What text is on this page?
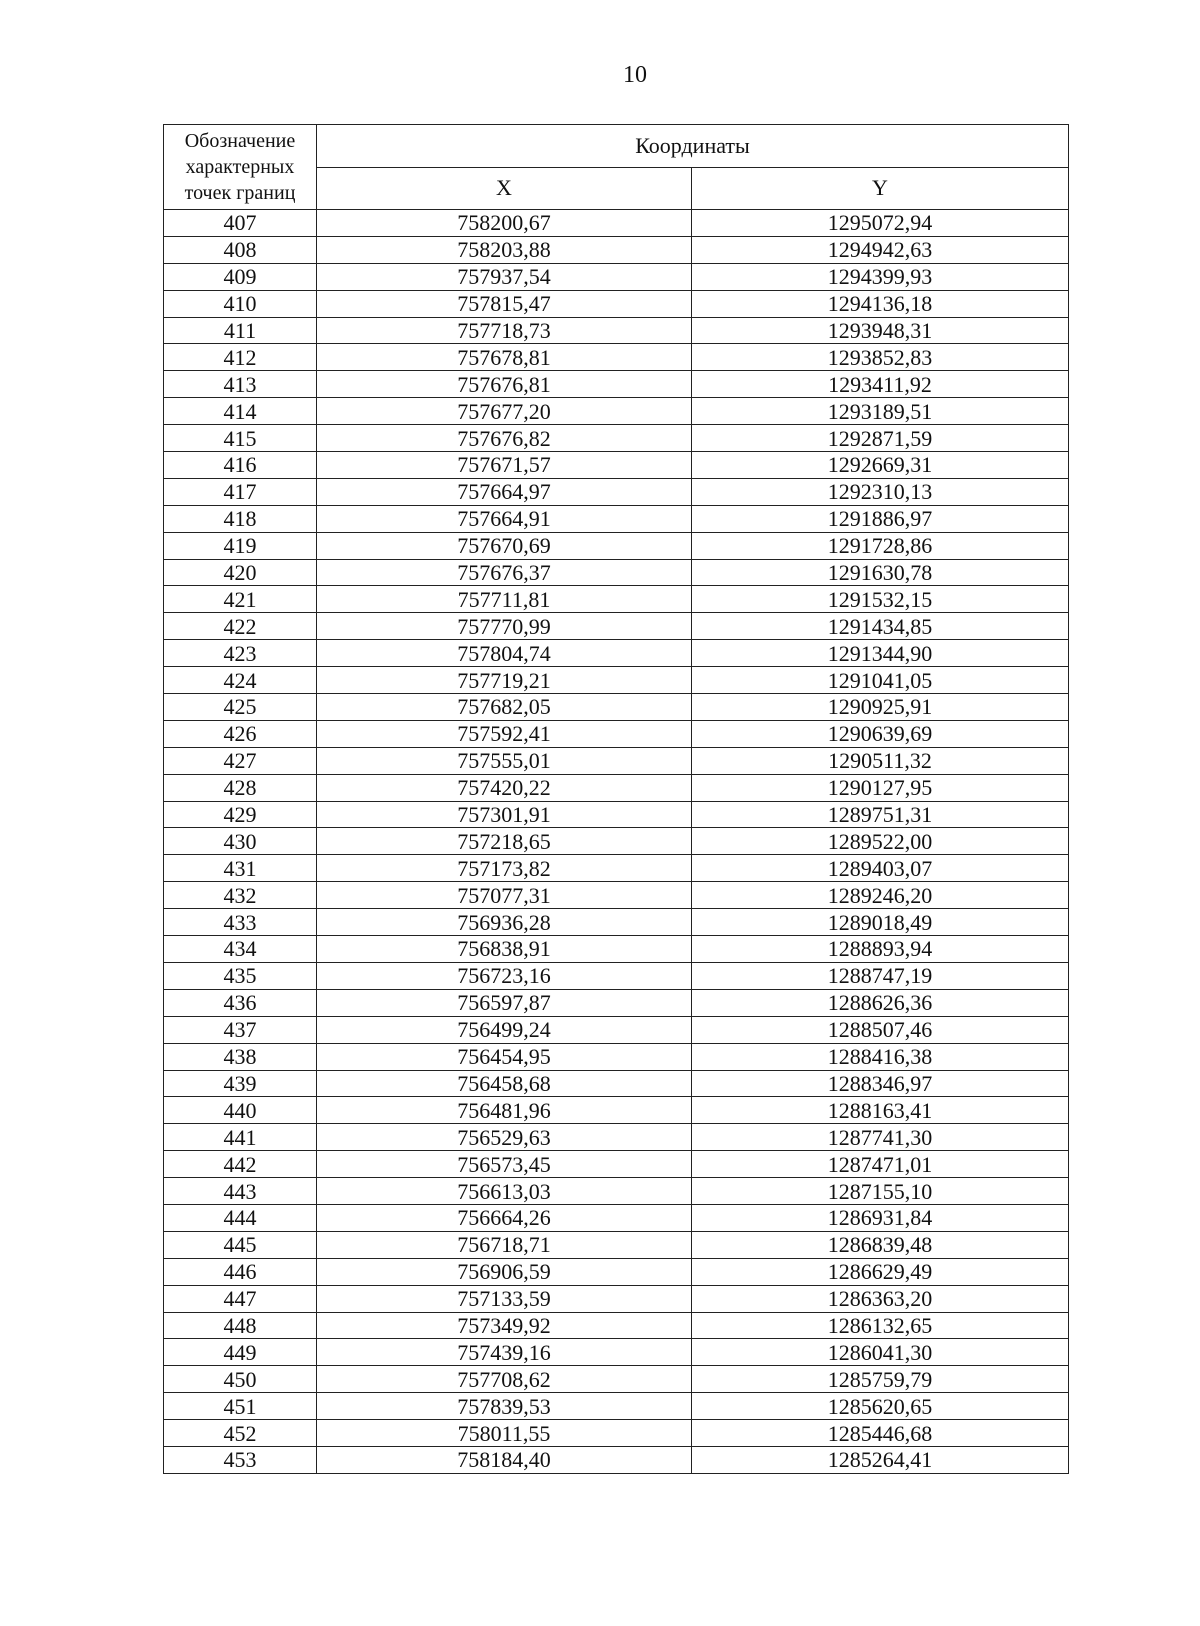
10
Обозначение характерных точек границ	Координаты	
	X	Y
407	758200,67	1295072,94
408	758203,88	1294942,63
409	757937,54	1294399,93
410	757815,47	1294136,18
411	757718,73	1293948,31
412	757678,81	1293852,83
413	757676,81	1293411,92
414	757677,20	1293189,51
415	757676,82	1292871,59
416	757671,57	1292669,31
417	757664,97	1292310,13
418	757664,91	1291886,97
419	757670,69	1291728,86
420	757676,37	1291630,78
421	757711,81	1291532,15
422	757770,99	1291434,85
423	757804,74	1291344,90
424	757719,21	1291041,05
425	757682,05	1290925,91
426	757592,41	1290639,69
427	757555,01	1290511,32
428	757420,22	1290127,95
429	757301,91	1289751,31
430	757218,65	1289522,00
431	757173,82	1289403,07
432	757077,31	1289246,20
433	756936,28	1289018,49
434	756838,91	1288893,94
435	756723,16	1288747,19
436	756597,87	1288626,36
437	756499,24	1288507,46
438	756454,95	1288416,38
439	756458,68	1288346,97
440	756481,96	1288163,41
441	756529,63	1287741,30
442	756573,45	1287471,01
443	756613,03	1287155,10
444	756664,26	1286931,84
445	756718,71	1286839,48
446	756906,59	1286629,49
447	757133,59	1286363,20
448	757349,92	1286132,65
449	757439,16	1286041,30
450	757708,62	1285759,79
451	757839,53	1285620,65
452	758011,55	1285446,68
453	758184,40	1285264,41
